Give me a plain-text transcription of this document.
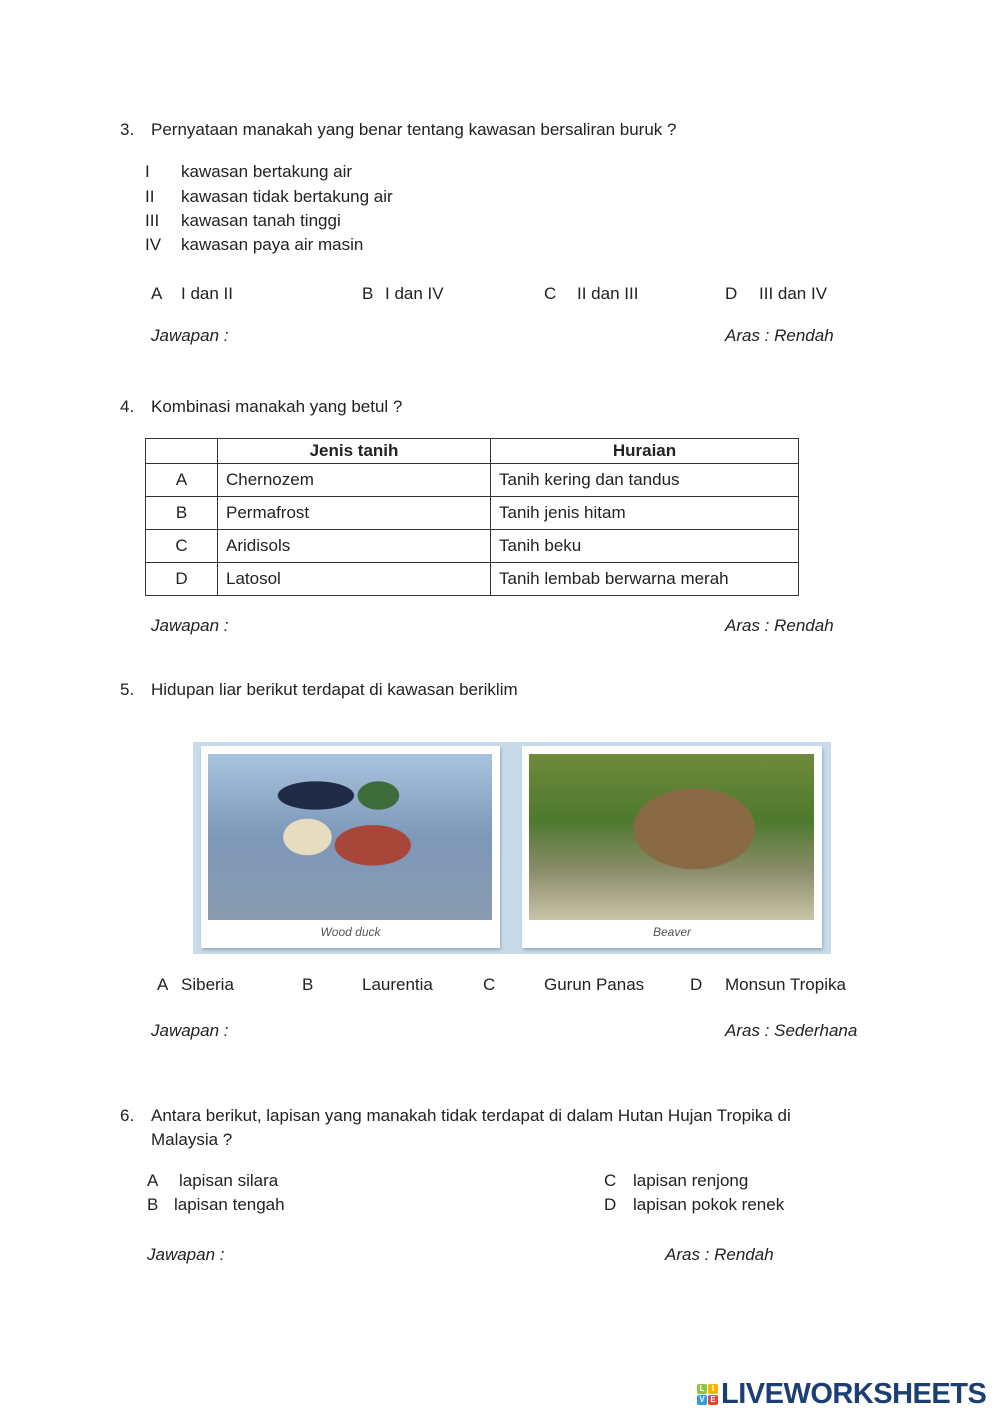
3. Pernyataan manakah yang benar tentang kawasan bersaliran buruk ?
I kawasan bertakung air
II kawasan tidak bertakung air
III kawasan tanah tinggi
IV kawasan paya air masin
A I dan II	B I dan IV	C II dan III	D III dan IV
Jawapan :	Aras : Rendah
4. Kombinasi manakah yang betul ?
	Jenis tanih	Huraian
A	Chernozem	Tanih kering dan tandus
B	Permafrost	Tanih jenis hitam
C	Aridisols	Tanih beku
D	Latosol	Tanih lembab berwarna merah
Jawapan :	Aras : Rendah
5. Hidupan liar berikut terdapat di kawasan beriklim
Wood duck	Beaver
A Siberia	B	Laurentia	C	Gurun Panas	D Monsun Tropika
Jawapan :	Aras : Sederhana
6. Antara berikut, lapisan yang manakah tidak terdapat di dalam Hutan Hujan Tropika di
Malaysia ?
A lapisan silara
B lapisan tengah
C lapisan renjong
D lapisan pokok renek
Jawapan :	Aras : Rendah
L I
V E LIVEWORKSHEETS
